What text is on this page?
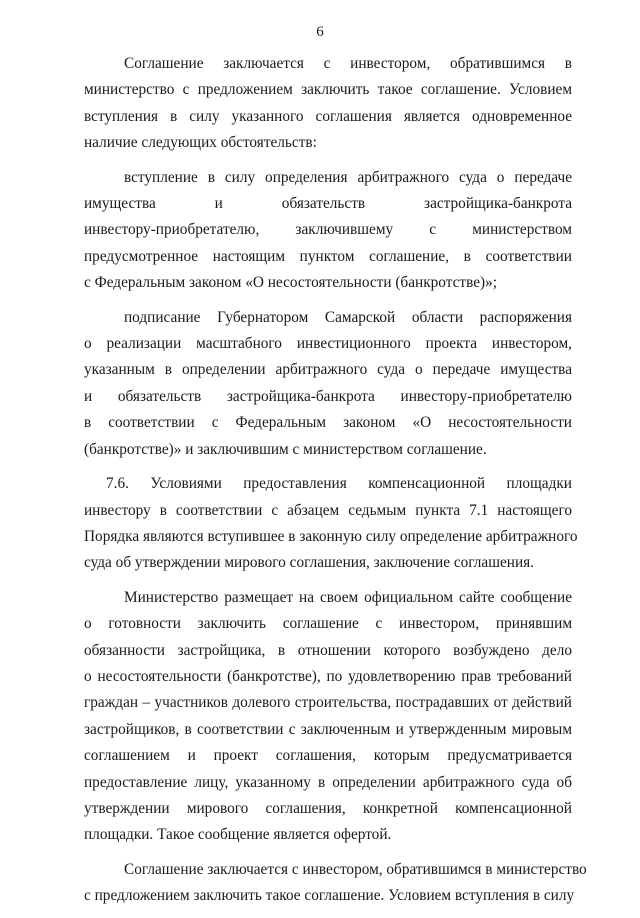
6

Соглашение заключается с инвестором, обратившимся в
министерство с предложением заключить такое соглашение. Условием
вступления в силу указанного соглашения является одновременное
наличие следующих обстоятельств:

вступление в силу определения арбитражного суда о передаче
имущества и обязательств застройщика-банкрота
инвестору-приобретателю, заключившему с министерством
предусмотренное настоящим пунктом соглашение, в соответствии
с Федеральным законом «О несостоятельности (банкротстве)»;

подписание Губернатором Самарской области распоряжения
о реализации масштабного инвестиционного проекта инвестором,
указанным в определении арбитражного суда о передаче имущества
и обязательств застройщика-банкрота инвестору-приобретателю
в соответствии с Федеральным законом «О несостоятельности
(банкротстве)» и заключившим с министерством соглашение.

7.6. Условиями предоставления компенсационной площадки
инвестору в соответствии с абзацем седьмым пункта 7.1 настоящего
Порядка являются вступившее в законную силу определение арбитражного
суда об утверждении мирового соглашения, заключение соглашения.

Министерство размещает на своем официальном сайте сообщение
о готовности заключить соглашение с инвестором, принявшим
обязанности застройщика, в отношении которого возбуждено дело
о несостоятельности (банкротстве), по удовлетворению прав требований
граждан – участников долевого строительства, пострадавших от действий
застройщиков, в соответствии с заключенным и утвержденным мировым
соглашением и проект соглашения, которым предусматривается
предоставление лицу, указанному в определении арбитражного суда об
утверждении мирового соглашения, конкретной компенсационной
площадки. Такое сообщение является офертой.

Соглашение заключается с инвестором, обратившимся в министерство
с предложением заключить такое соглашение. Условием вступления в силу
